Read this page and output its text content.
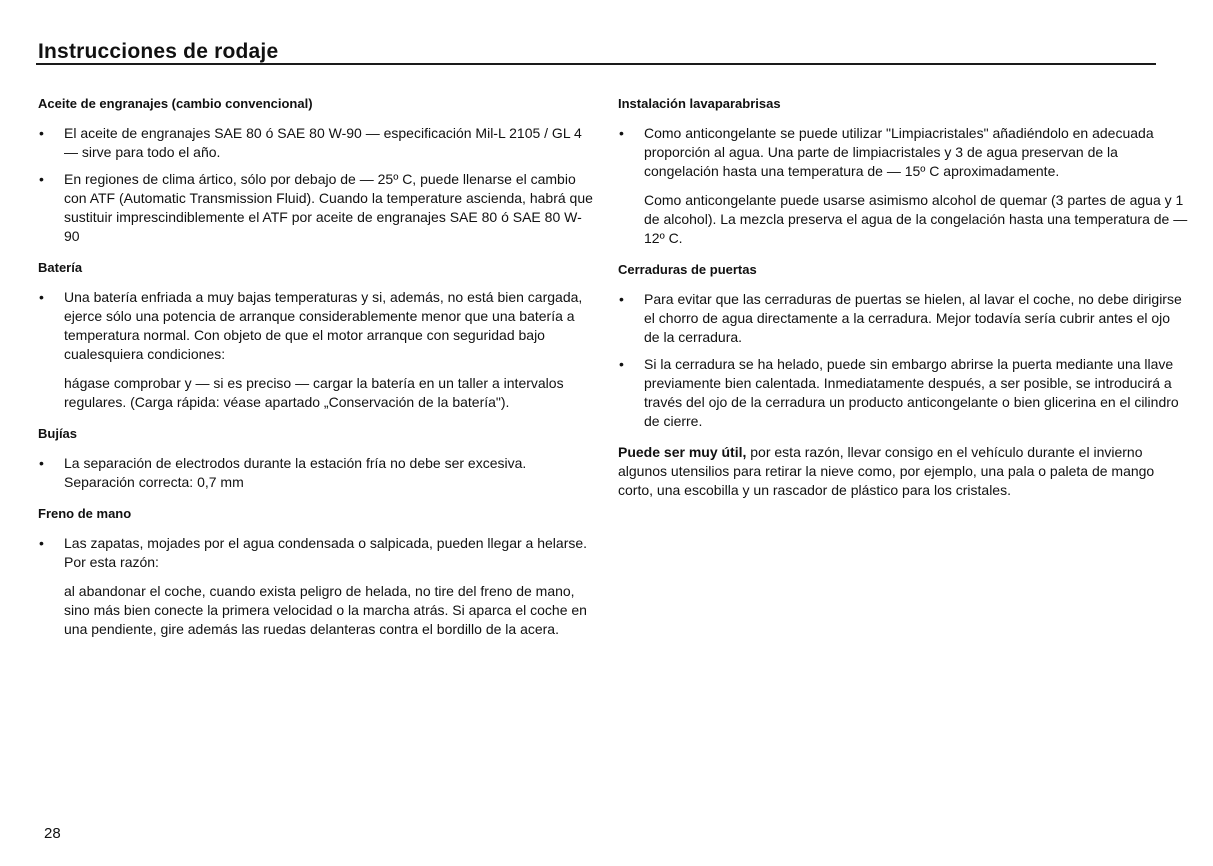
Instrucciones de rodaje
Aceite de engranajes (cambio convencional)
• El aceite de engranajes SAE 80 ó SAE 80 W-90 — especificación Mil-L 2105 / GL 4 — sirve para todo el año.
• En regiones de clima ártico, sólo por debajo de — 25º C, puede llenarse el cambio con ATF (Automatic Transmission Fluid). Cuando la temperature ascienda, habrá que sustituir imprescindiblemente el ATF por aceite de engranajes SAE 80 ó SAE 80 W-90
Batería
• Una batería enfriada a muy bajas temperaturas y si, además, no está bien cargada, ejerce sólo una potencia de arranque considerablemente menor que una batería a temperatura normal. Con objeto de que el motor arranque con seguridad bajo cualesquiera condiciones:
hágase comprobar y — si es preciso — cargar la batería en un taller a intervalos regulares. (Carga rápida: véase apartado „Conservación de la batería").
Bujías
• La separación de electrodos durante la estación fría no debe ser excesiva. Separación correcta: 0,7 mm
Freno de mano
• Las zapatas, mojades por el agua condensada o salpicada, pueden llegar a helarse. Por esta razón:
al abandonar el coche, cuando exista peligro de helada, no tire del freno de mano, sino más bien conecte la primera velocidad o la marcha atrás. Si aparca el coche en una pendiente, gire además las ruedas delanteras contra el bordillo de la acera.
Instalación lavaparabrisas
• Como anticongelante se puede utilizar "Limpiacristales" añadiéndolo en adecuada proporción al agua. Una parte de limpiacristales y 3 de agua preservan de la congelación hasta una temperatura de — 15º C aproximadamente.
Como anticongelante puede usarse asimismo alcohol de quemar (3 partes de agua y 1 de alcohol). La mezcla preserva el agua de la congelación hasta una temperatura de — 12º C.
Cerraduras de puertas
• Para evitar que las cerraduras de puertas se hielen, al lavar el coche, no debe dirigirse el chorro de agua directamente a la cerradura. Mejor todavía sería cubrir antes el ojo de la cerradura.
• Si la cerradura se ha helado, puede sin embargo abrirse la puerta mediante una llave previamente bien calentada. Inmediatamente después, a ser posible, se introducirá a través del ojo de la cerradura un producto anticongelante o bien glicerina en el cilindro de cierre.

Puede ser muy útil, por esta razón, llevar consigo en el vehículo durante el invierno algunos utensilios para retirar la nieve como, por ejemplo, una pala o paleta de mango corto, una escobilla y un rascador de plástico para los cristales.

28
